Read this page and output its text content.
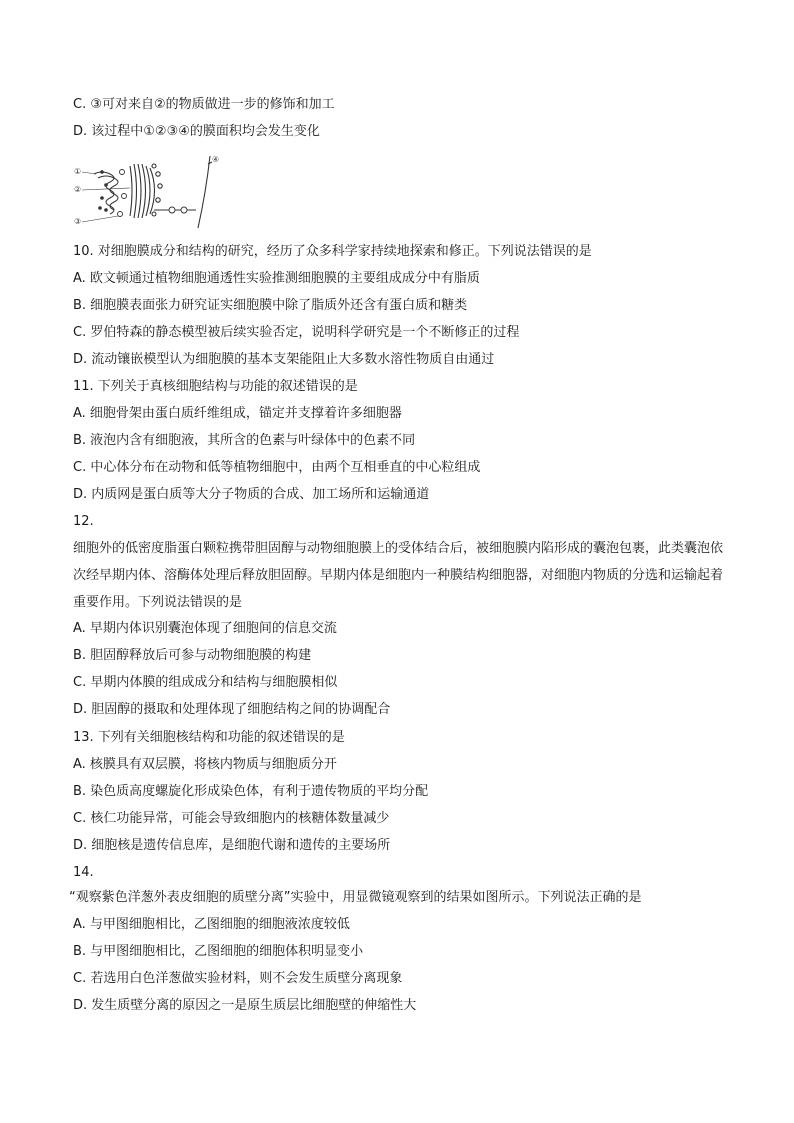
C. ③可对来自②的物质做进一步的修饰和加工
D. 该过程中①②③④的膜面积均会发生变化
①
②
③
④
10. 对细胞膜成分和结构的研究，经历了众多科学家持续地探索和修正。下列说法错误的是
A. 欧文顿通过植物细胞通透性实验推测细胞膜的主要组成成分中有脂质
B. 细胞膜表面张力研究证实细胞膜中除了脂质外还含有蛋白质和糖类
C. 罗伯特森的静态模型被后续实验否定，说明科学研究是一个不断修正的过程
D. 流动镶嵌模型认为细胞膜的基本支架能阻止大多数水溶性物质自由通过
11. 下列关于真核细胞结构与功能的叙述错误的是
A. 细胞骨架由蛋白质纤维组成，锚定并支撑着许多细胞器
B. 液泡内含有细胞液，其所含的色素与叶绿体中的色素不同
C. 中心体分布在动物和低等植物细胞中，由两个互相垂直的中心粒组成
D. 内质网是蛋白质等大分子物质的合成、加工场所和运输通道
12.
细胞外的低密度脂蛋白颗粒携带胆固醇与动物细胞膜上的受体结合后，被细胞膜内陷形成的囊泡包裹，此类囊泡依次经早期内体、溶酶体处理后释放胆固醇。早期内体是细胞内一种膜结构细胞器，对细胞内物质的分选和运输起着重要作用。下列说法错误的是
A. 早期内体识别囊泡体现了细胞间的信息交流
B. 胆固醇释放后可参与动物细胞膜的构建
C. 早期内体膜的组成成分和结构与细胞膜相似
D. 胆固醇的摄取和处理体现了细胞结构之间的协调配合
13. 下列有关细胞核结构和功能的叙述错误的是
A. 核膜具有双层膜，将核内物质与细胞质分开
B. 染色质高度螺旋化形成染色体，有利于遗传物质的平均分配
C. 核仁功能异常，可能会导致细胞内的核糖体数量减少
D. 细胞核是遗传信息库，是细胞代谢和遗传的主要场所
14.
“观察紫色洋葱外表皮细胞的质壁分离”实验中，用显微镜观察到的结果如图所示。下列说法正确的是
A. 与甲图细胞相比，乙图细胞的细胞液浓度较低
B. 与甲图细胞相比，乙图细胞的细胞体积明显变小
C. 若选用白色洋葱做实验材料，则不会发生质壁分离现象
D. 发生质壁分离的原因之一是原生质层比细胞壁的伸缩性大
